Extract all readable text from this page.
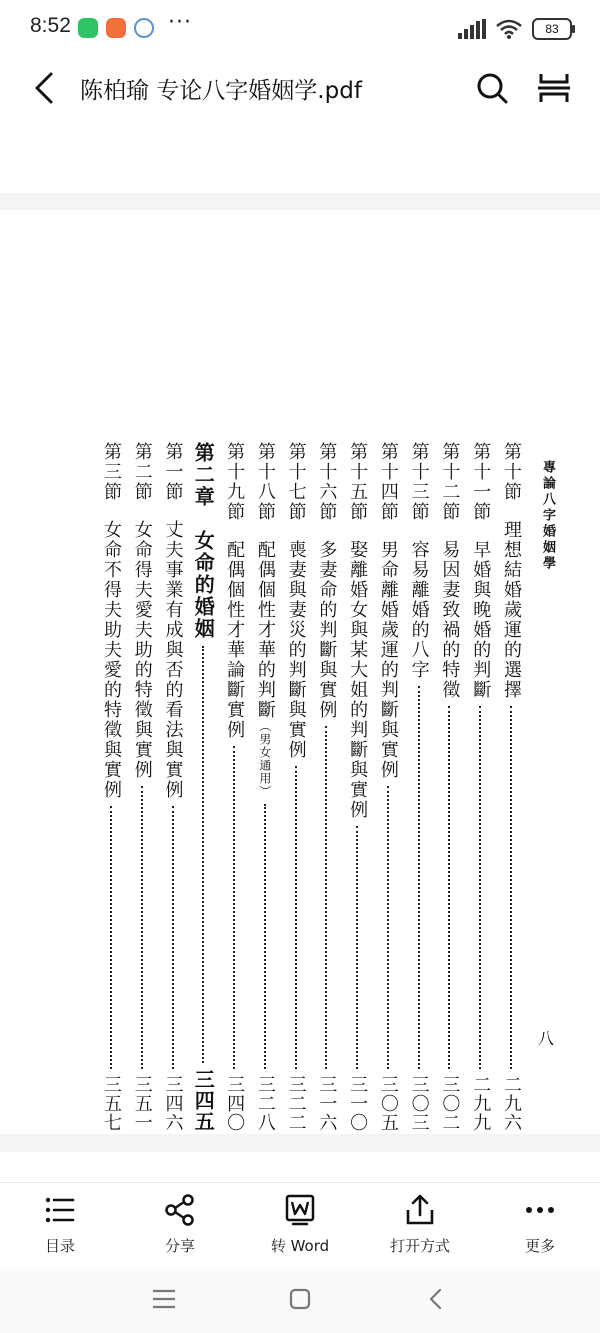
8:52	···	83
陈柏瑜 专论八字婚姻学.pdf
專論八字婚姻學
八
第十節
理想結婚歲運的選擇
二九六
第十一節
早婚與晚婚的判斷
二九九
第十二節
易因妻致禍的特徵
三〇二
第十三節
容易離婚的八字
三〇三
第十四節
男命離婚歲運的判斷與實例
三〇五
第十五節
娶離婚女與某大姐的判斷與實例
三一〇
第十六節
多妻命的判斷與實例
三一六
第十七節
喪妻與妻災的判斷與實例
三二二
第十八節
配偶個性才華的判斷
（男女通用）
三二八
第十九節
配偶個性才華論斷實例
三四〇
第二章
女命的婚姻
三四五
第一節
丈夫事業有成與否的看法與實例
三四六
第二節
女命得夫愛夫助的特徵與實例
三五一
第三節
女命不得夫助夫愛的特徵與實例
三五七
目录	分享	转 Word	打开方式	更多
